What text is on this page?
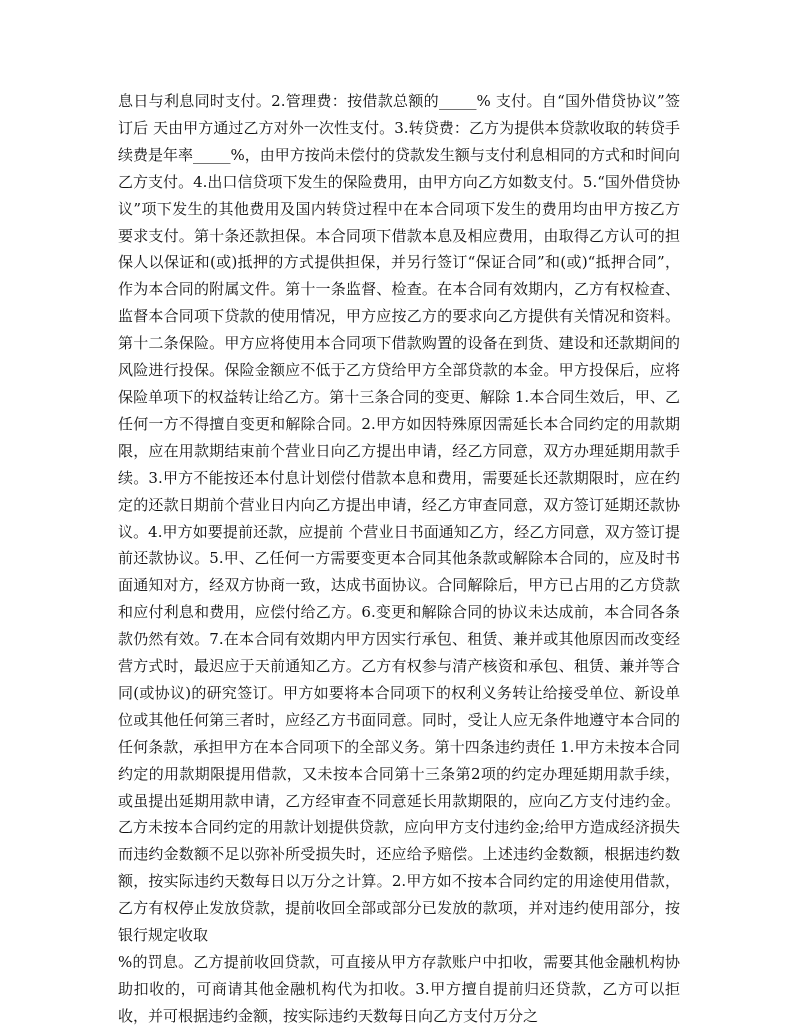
息日与利息同时支付。2.管理费：按借款总额的_____% 支付。自“国外借贷协议”签订后 天由甲方通过乙方对外一次性支付。3.转贷费：乙方为提供本贷款收取的转贷手续费是年率_____%，由甲方按尚未偿付的贷款发生额与支付利息相同的方式和时间向乙方支付。4.出口信贷项下发生的保险费用，由甲方向乙方如数支付。5.“国外借贷协议”项下发生的其他费用及国内转贷过程中在本合同项下发生的费用均由甲方按乙方要求支付。第十条还款担保。本合同项下借款本息及相应费用，由取得乙方认可的担保人以保证和(或)抵押的方式提供担保，并另行签订“保证合同”和(或)“抵押合同”，作为本合同的附属文件。第十一条监督、检查。在本合同有效期内，乙方有权检查、监督本合同项下贷款的使用情况，甲方应按乙方的要求向乙方提供有关情况和资料。第十二条保险。甲方应将使用本合同项下借款购置的设备在到货、建设和还款期间的风险进行投保。保险金额应不低于乙方贷给甲方全部贷款的本金。甲方投保后，应将保险单项下的权益转让给乙方。第十三条合同的变更、解除 1.本合同生效后，甲、乙任何一方不得擅自变更和解除合同。2.甲方如因特殊原因需延长本合同约定的用款期限，应在用款期结束前个营业日向乙方提出申请，经乙方同意，双方办理延期用款手续。3.甲方不能按还本付息计划偿付借款本息和费用，需要延长还款期限时，应在约定的还款日期前个营业日内向乙方提出申请，经乙方审查同意，双方签订延期还款协议。4.甲方如要提前还款，应提前 个营业日书面通知乙方，经乙方同意，双方签订提前还款协议。5.甲、乙任何一方需要变更本合同其他条款或解除本合同的，应及时书面通知对方，经双方协商一致，达成书面协议。合同解除后，甲方已占用的乙方贷款和应付利息和费用，应偿付给乙方。6.变更和解除合同的协议未达成前，本合同各条款仍然有效。7.在本合同有效期内甲方因实行承包、租赁、兼并或其他原因而改变经营方式时，最迟应于天前通知乙方。乙方有权参与清产核资和承包、租赁、兼并等合同(或协议)的研究签订。甲方如要将本合同项下的权利义务转让给接受单位、新设单位或其他任何第三者时，应经乙方书面同意。同时，受让人应无条件地遵守本合同的任何条款，承担甲方在本合同项下的全部义务。第十四条违约责任 1.甲方未按本合同约定的用款期限提用借款，又未按本合同第十三条第2项的约定办理延期用款手续，或虽提出延期用款申请，乙方经审查不同意延长用款期限的，应向乙方支付违约金。乙方未按本合同约定的用款计划提供贷款，应向甲方支付违约金;给甲方造成经济损失而违约金数额不足以弥补所受损失时，还应给予赔偿。上述违约金数额，根据违约数额，按实际违约天数每日以万分之计算。2.甲方如不按本合同约定的用途使用借款，乙方有权停止发放贷款，提前收回全部或部分已发放的款项，并对违约使用部分，按银行规定收取

%的罚息。乙方提前收回贷款，可直接从甲方存款账户中扣收，需要其他金融机构协助扣收的，可商请其他金融机构代为扣收。3.甲方擅自提前归还贷款，乙方可以拒收，并可根据违约金额，按实际违约天数每日向乙方支付万分之
